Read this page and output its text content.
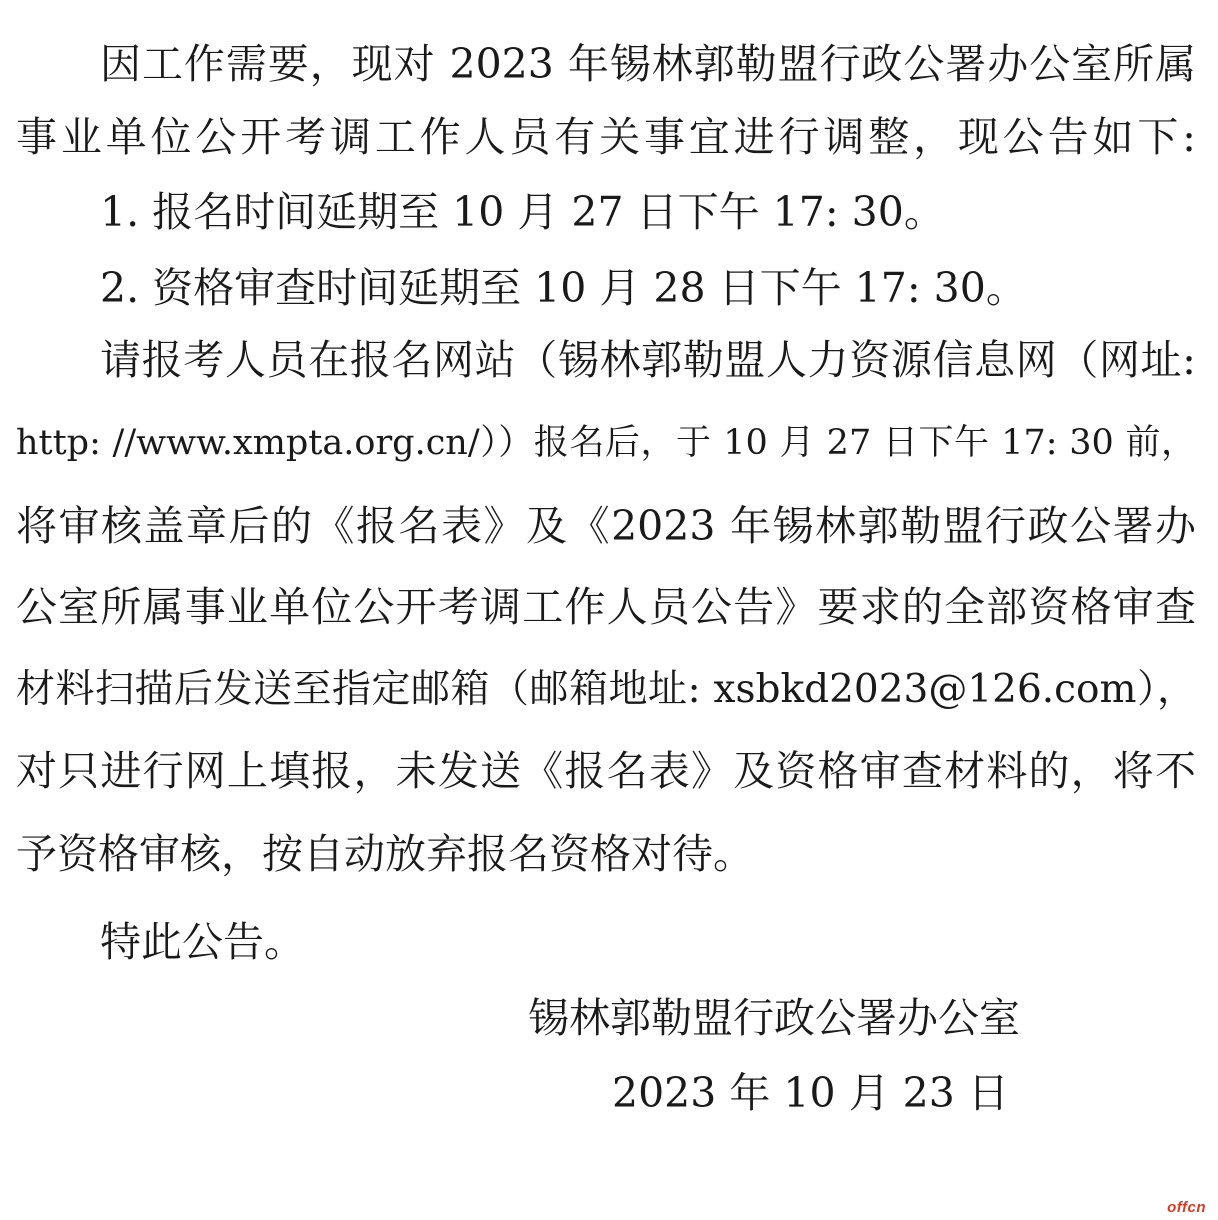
因工作需要，现对 2023 年锡林郭勒盟行政公署办公室所属
事业单位公开考调工作人员有关事宜进行调整，现公告如下:
1. 报名时间延期至 10 月 27 日下午 17: 30。
2. 资格审查时间延期至 10 月 28 日下午 17: 30。
请报考人员在报名网站（锡林郭勒盟人力资源信息网（网址:
http: //www.xmpta.org.cn/））报名后，于 10 月 27 日下午 17: 30 前，
将审核盖章后的《报名表》及《2023 年锡林郭勒盟行政公署办
公室所属事业单位公开考调工作人员公告》要求的全部资格审查
材料扫描后发送至指定邮箱（邮箱地址: xsbkd2023@126.com），
对只进行网上填报，未发送《报名表》及资格审查材料的，将不
予资格审核，按自动放弃报名资格对待。
特此公告。
锡林郭勒盟行政公署办公室
2023 年 10 月 23 日
offcn
